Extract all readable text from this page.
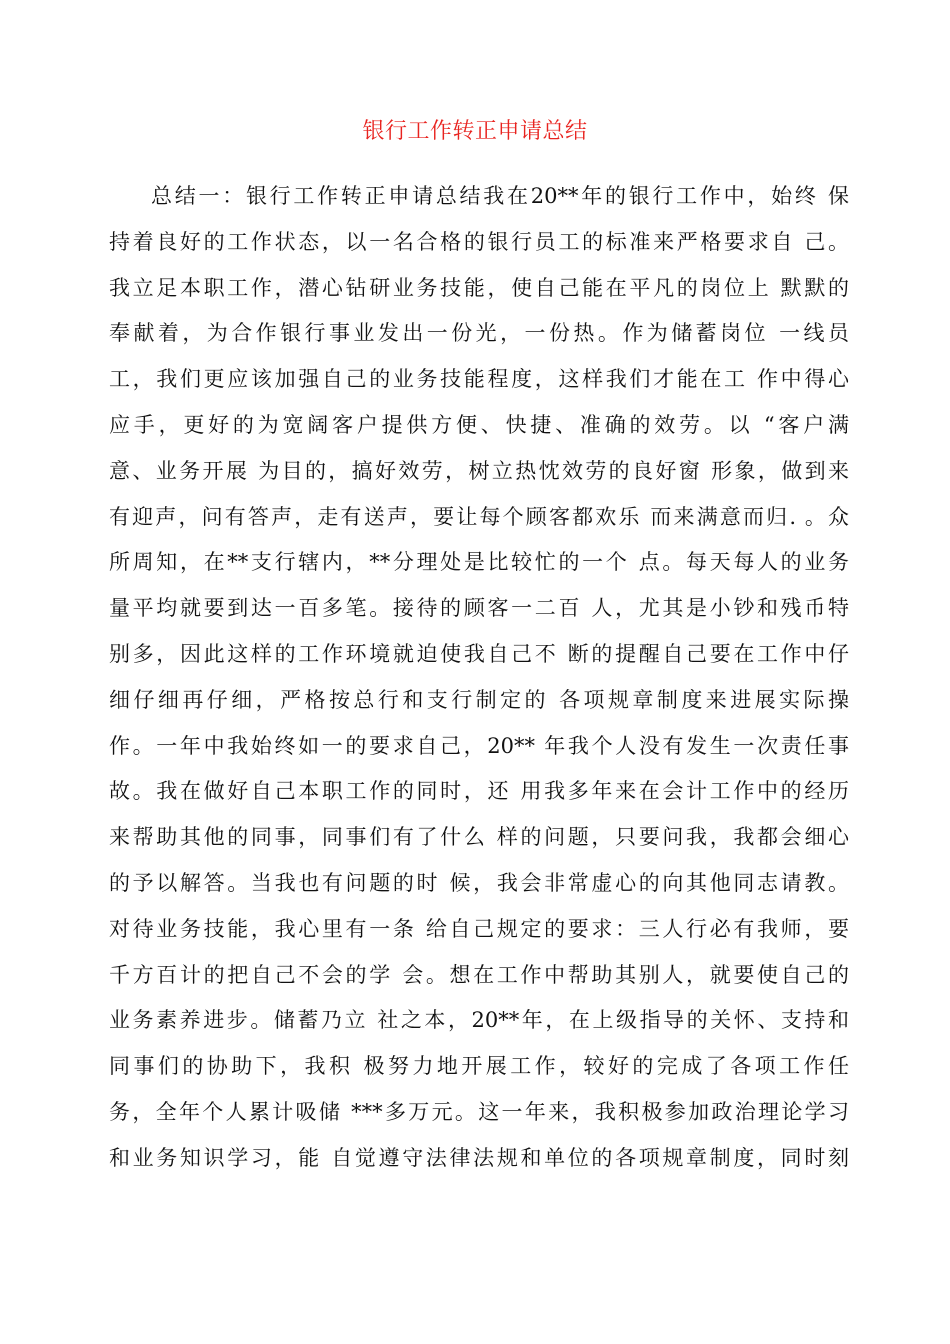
银行工作转正申请总结
总结一：银行工作转正申请总结我在20**年的银行工作中，始终 保
持着良好的工作状态，以一名合格的银行员工的标准来严格要求自 己。
我立足本职工作，潜心钻研业务技能，使自己能在平凡的岗位上 默默的
奉献着，为合作银行事业发出一份光，一份热。作为储蓄岗位 一线员
工，我们更应该加强自己的业务技能程度，这样我们才能在工 作中得心
应手，更好的为宽阔客户提供方便、快捷、准确的效劳。以 “客户满
意、业务开展 为目的，搞好效劳，树立热忱效劳的良好窗 形象，做到来
有迎声，问有答声，走有送声，要让每个顾客都欢乐 而来满意而归. 。众
所周知，在**支行辖内，**分理处是比较忙的一个 点。每天每人的业务
量平均就要到达一百多笔。接待的顾客一二百 人，尤其是小钞和残币特
别多，因此这样的工作环境就迫使我自己不 断的提醒自己要在工作中仔
细仔细再仔细，严格按总行和支行制定的 各项规章制度来进展实际操
作。一年中我始终如一的要求自己，20** 年我个人没有发生一次责任事
故。我在做好自己本职工作的同时，还 用我多年来在会计工作中的经历
来帮助其他的同事，同事们有了什么 样的问题，只要问我，我都会细心
的予以解答。当我也有问题的时 候，我会非常虚心的向其他同志请教。
对待业务技能，我心里有一条 给自己规定的要求：三人行必有我师，要
千方百计的把自己不会的学 会。想在工作中帮助其别人，就要使自己的
业务素养进步。储蓄乃立 社之本，20**年，在上级指导的关怀、支持和
同事们的协助下，我积 极努力地开展工作，较好的完成了各项工作任
务，全年个人累计吸储 ***多万元。这一年来，我积极参加政治理论学习
和业务知识学习，能 自觉遵守法律法规和单位的各项规章制度，同时刻
